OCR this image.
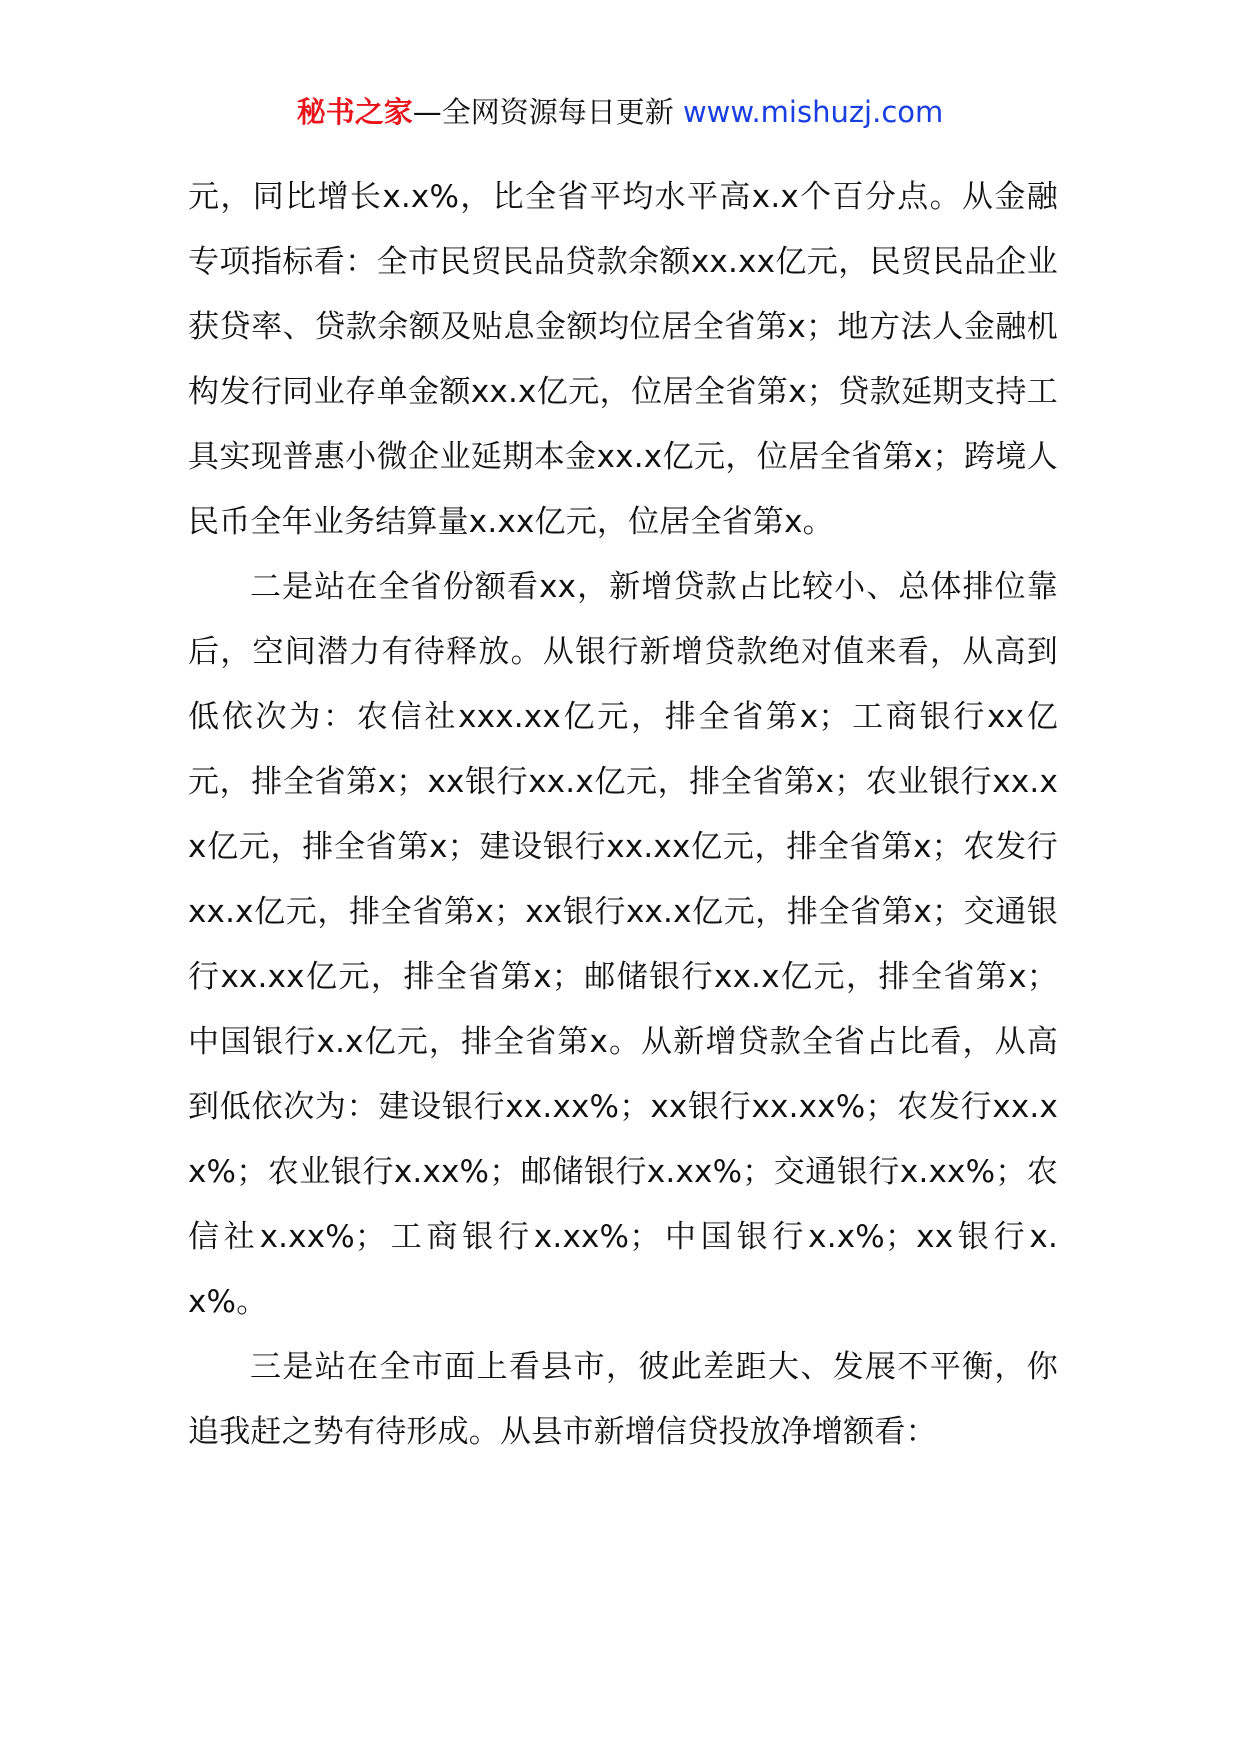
秘书之家—全网资源每日更新 www.mishuzj.com

元，同比增长x.x%，比全省平均水平高x.x个百分点。从金融专项指标看：全市民贸民品贷款余额xx.xx亿元，民贸民品企业获贷率、贷款余额及贴息金额均位居全省第x；地方法人金融机构发行同业存单金额xx.x亿元，位居全省第x；贷款延期支持工具实现普惠小微企业延期本金xx.x亿元，位居全省第x；跨境人民币全年业务结算量x.xx亿元，位居全省第x。

二是站在全省份额看xx，新增贷款占比较小、总体排位靠后，空间潜力有待释放。从银行新增贷款绝对值来看，从高到低依次为：农信社xxx.xx亿元，排全省第x；工商银行xx亿元，排全省第x；xx银行xx.x亿元，排全省第x；农业银行xx.xx亿元，排全省第x；建设银行xx.xx亿元，排全省第x；农发行xx.x亿元，排全省第x；xx银行xx.x亿元，排全省第x；交通银行xx.xx亿元，排全省第x；邮储银行xx.x亿元，排全省第x；中国银行x.x亿元，排全省第x。从新增贷款全省占比看，从高到低依次为：建设银行xx.xx%；xx银行xx.xx%；农发行xx.xx%；农业银行x.xx%；邮储银行x.xx%；交通银行x.xx%；农信社x.xx%；工商银行x.xx%；中国银行x.x%；xx银行x.x%。

三是站在全市面上看县市，彼此差距大、发展不平衡，你追我赶之势有待形成。从县市新增信贷投放净增额看：
